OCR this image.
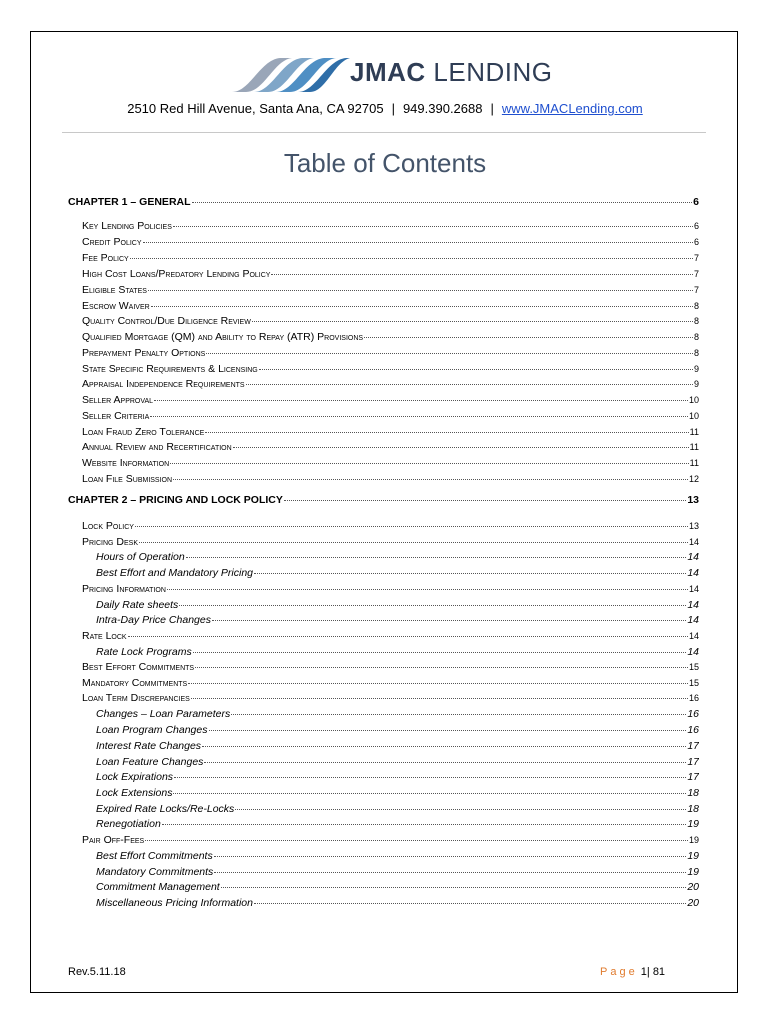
JMAC LENDING
2510 Red Hill Avenue, Santa Ana, CA 92705 | 949.390.2688 | www.JMACLending.com
Table of Contents
CHAPTER 1 – GENERAL	6
Key Lending Policies	6
Credit Policy	6
Fee Policy	7
High Cost Loans/Predatory Lending Policy	7
Eligible States	7
Escrow Waiver	8
Quality Control/Due Diligence Review	8
Qualified Mortgage (QM) and Ability to Repay (ATR) Provisions	8
Prepayment Penalty Options	8
State Specific Requirements & Licensing	9
Appraisal Independence Requirements	9
Seller Approval	10
Seller Criteria	10
Loan Fraud Zero Tolerance	11
Annual Review and Recertification	11
Website Information	11
Loan File Submission	12
CHAPTER 2 – PRICING AND LOCK POLICY	13
Lock Policy	13
Pricing Desk	14
Hours of Operation	14
Best Effort and Mandatory Pricing	14
Pricing Information	14
Daily Rate sheets	14
Intra-Day Price Changes	14
Rate Lock	14
Rate Lock Programs	14
Best Effort Commitments	15
Mandatory Commitments	15
Loan Term Discrepancies	16
Changes – Loan Parameters	16
Loan Program Changes	16
Interest Rate Changes	17
Loan Feature Changes	17
Lock Expirations	17
Lock Extensions	18
Expired Rate Locks/Re-Locks	18
Renegotiation	19
Pair Off-Fees	19
Best Effort Commitments	19
Mandatory Commitments	19
Commitment Management	20
Miscellaneous Pricing Information	20
Rev.5.11.18	Page 1| 81
